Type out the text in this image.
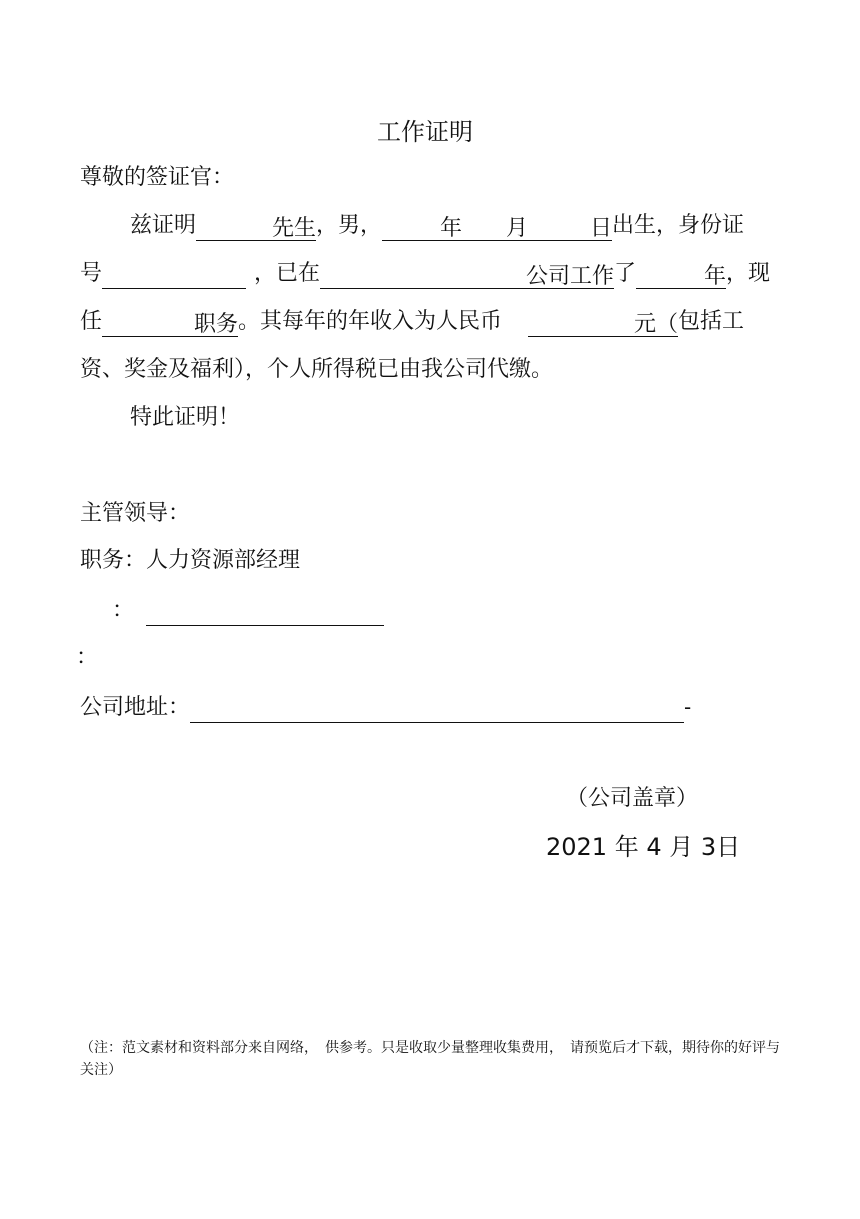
工作证明
尊敬的签证官：
兹证明	先生，男，	年 月	日 出生，身份证
号	，已在	公司工作了	年，现
任	职务。其每年的年收入为人民币	元（包括工
资、奖金及福利），个人所得税已由我公司代缴。
特此证明！
主管领导：
职务：人力资源部经理
：
：
公司地址：	-
（公司盖章）
2021 年 4 月 3日
（注：范文素材和资料部分来自网络，　供参考。只是收取少量整理收集费用，　请预览后才下载，期待你的好评与关注）
